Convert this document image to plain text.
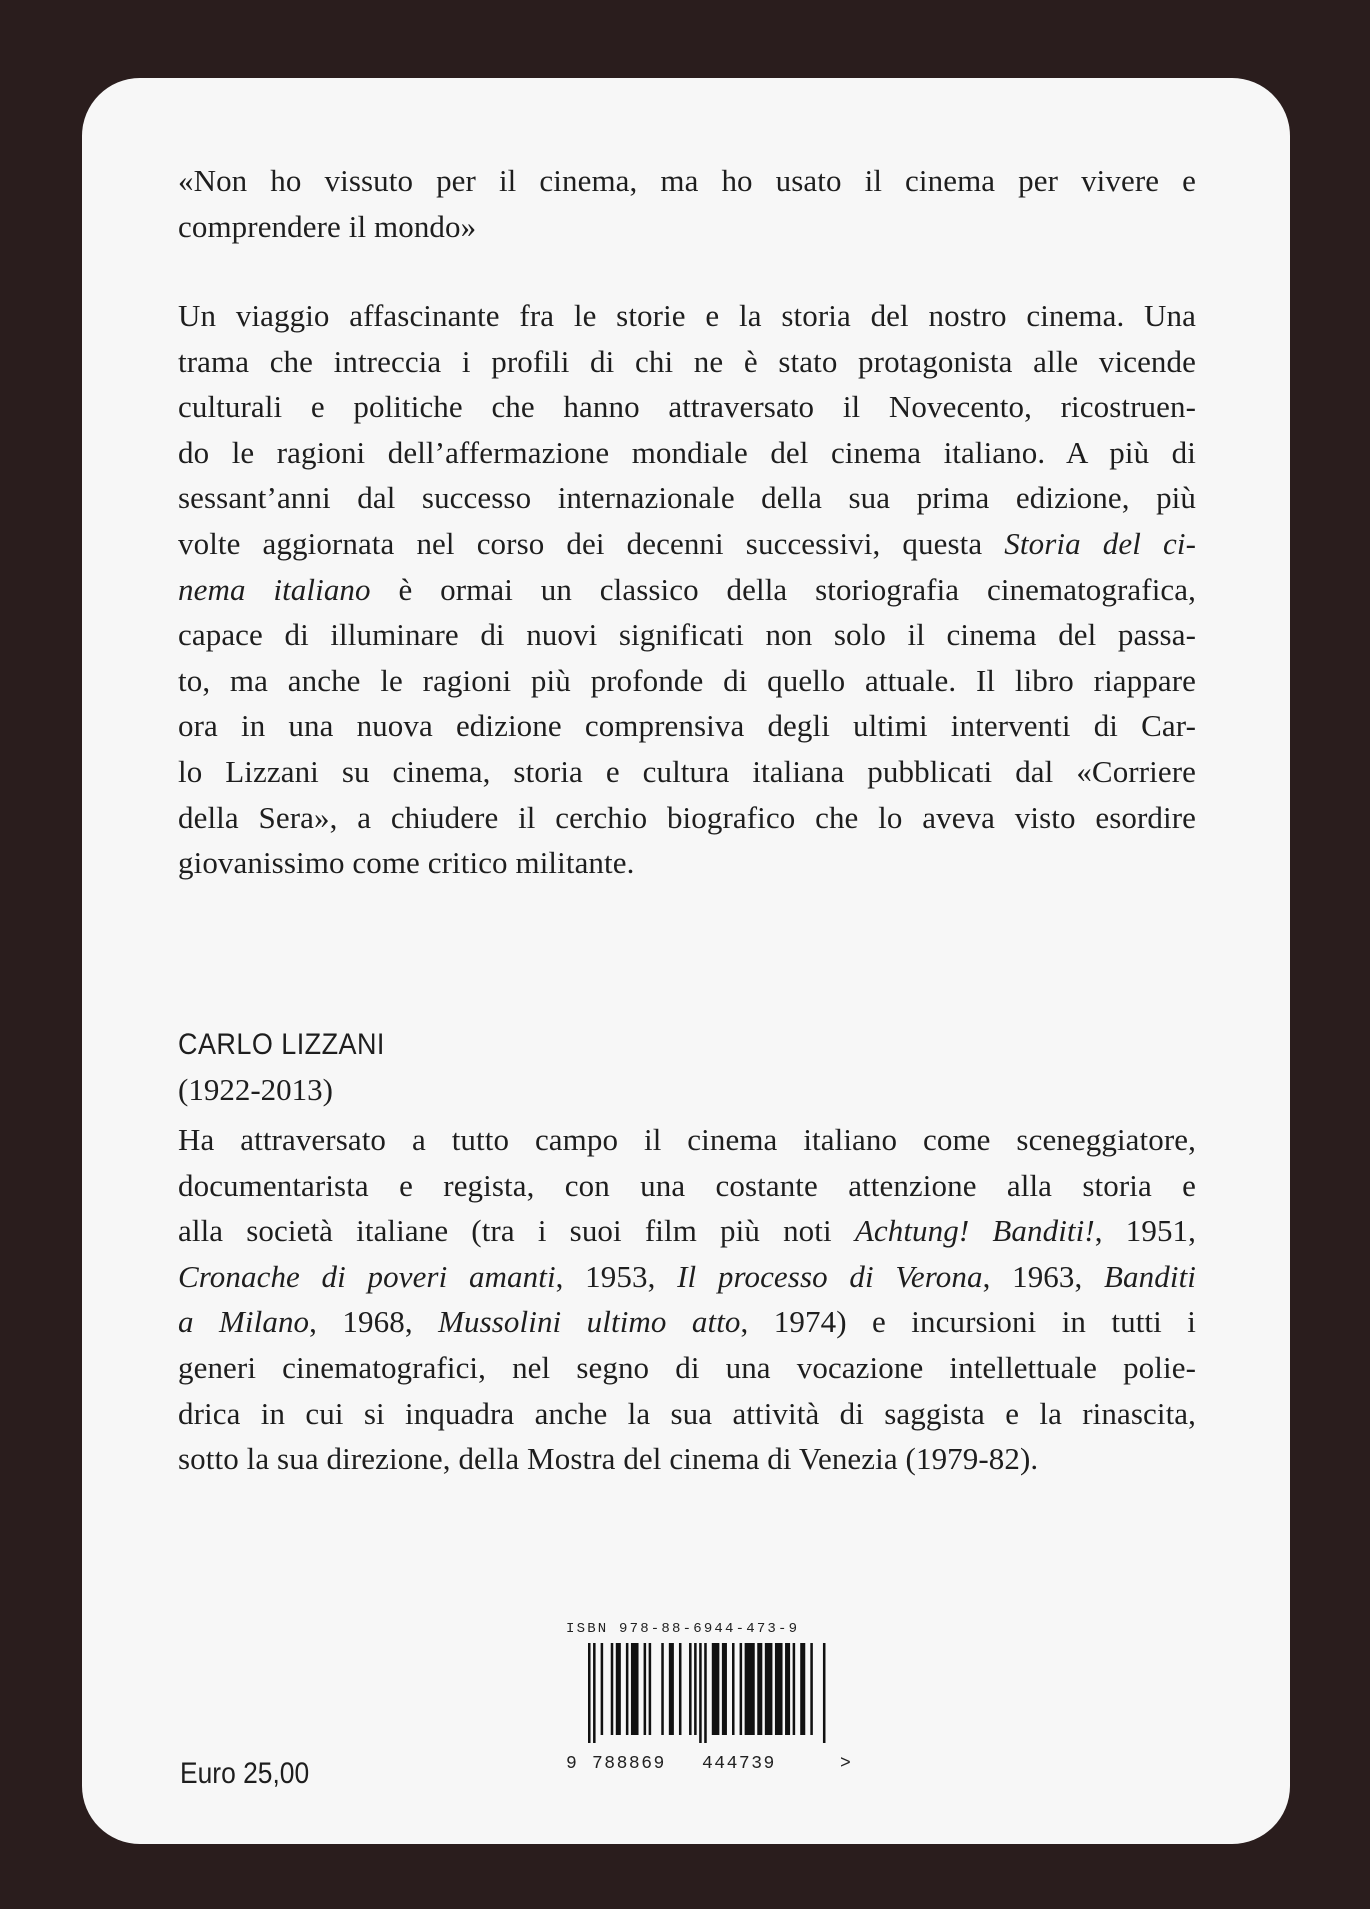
«Non ho vissuto per il cinema, ma ho usato il cinema per vivere e
comprendere il mondo»
Un viaggio affascinante fra le storie e la storia del nostro cinema. Una
trama che intreccia i profili di chi ne è stato protagonista alle vicende
culturali e politiche che hanno attraversato il Novecento, ricostruen-
do le ragioni dell’affermazione mondiale del cinema italiano. A più di
sessant’anni dal successo internazionale della sua prima edizione, più
volte aggiornata nel corso dei decenni successivi, questa Storia del ci-
nema italiano è ormai un classico della storiografia cinematografica,
capace di illuminare di nuovi significati non solo il cinema del passa-
to, ma anche le ragioni più profonde di quello attuale. Il libro riappare
ora in una nuova edizione comprensiva degli ultimi interventi di Car-
lo Lizzani su cinema, storia e cultura italiana pubblicati dal «Corriere
della Sera», a chiudere il cerchio biografico che lo aveva visto esordire
giovanissimo come critico militante.
CARLO LIZZANI
(1922-2013)
Ha attraversato a tutto campo il cinema italiano come sceneggiatore,
documentarista e regista, con una costante attenzione alla storia e
alla società italiane (tra i suoi film più noti Achtung! Banditi!, 1951,
Cronache di poveri amanti, 1953, Il processo di Verona, 1963, Banditi
a Milano, 1968, Mussolini ultimo atto, 1974) e incursioni in tutti i
generi cinematografici, nel segno di una vocazione intellettuale polie-
drica in cui si inquadra anche la sua attività di saggista e la rinascita,
sotto la sua direzione, della Mostra del cinema di Venezia (1979-82).
ISBN 978-88-6944-473-9
9 788869 444739	>
Euro 25,00
